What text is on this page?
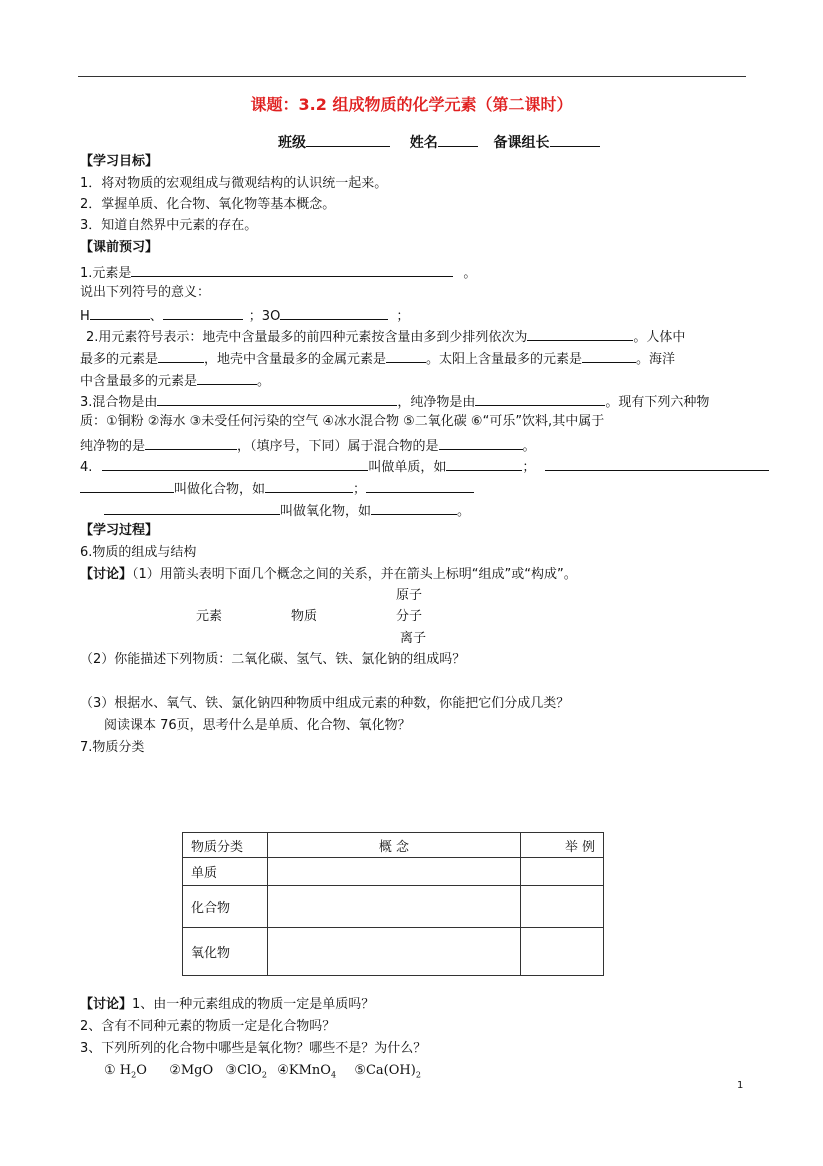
课题：3.2 组成物质的化学元素（第二课时）
班级	姓名	备课组长
【学习目标】
1．将对物质的宏观组成与微观结构的认识统一起来。
2．掌握单质、化合物、氧化物等基本概念。
3．知道自然界中元素的存在。
【课前预习】
1.元素是	。
说出下列符号的意义：
H	、	；3O	；
2.用元素符号表示：地壳中含量最多的前四种元素按含量由多到少排列依次为	。人体中
最多的元素是	，地壳中含量最多的金属元素是	。太阳上含量最多的元素是	。海洋
中含量最多的元素是	。
3.混合物是由	，纯净物是由	。现有下列六种物
质：①铜粉 ②海水 ③未受任何污染的空气 ④冰水混合物 ⑤二氧化碳 ⑥“可乐”饮料,其中属于
纯净物的是	，（填序号，下同）属于混合物的是	。
4.	叫做单质，如	；
叫做化合物，如	；
叫做氧化物，如	。
【学习过程】
6.物质的组成与结构
【讨论】（1）用箭头表明下面几个概念之间的关系，并在箭头上标明“组成”或“构成”。
原子
元素	物质	分子
离子
（2）你能描述下列物质：二氧化碳、氢气、铁、氯化钠的组成吗？
（3）根据水、氧气、铁、氯化钠四种物质中组成元素的种数，你能把它们分成几类？
阅读课本 76页，思考什么是单质、化合物、氧化物？
7.物质分类
物质分类	概 念	举 例
单质		
化合物		
氧化物		
【讨论】1、由一种元素组成的物质一定是单质吗？
2、含有不同种元素的物质一定是化合物吗？
3、下列所列的化合物中哪些是氧化物？哪些不是？为什么？
① $H_2O$ ②MgO ③ClO$_2$ ④KMnO$_4$ $⑤Ca(OH)_2$
1
